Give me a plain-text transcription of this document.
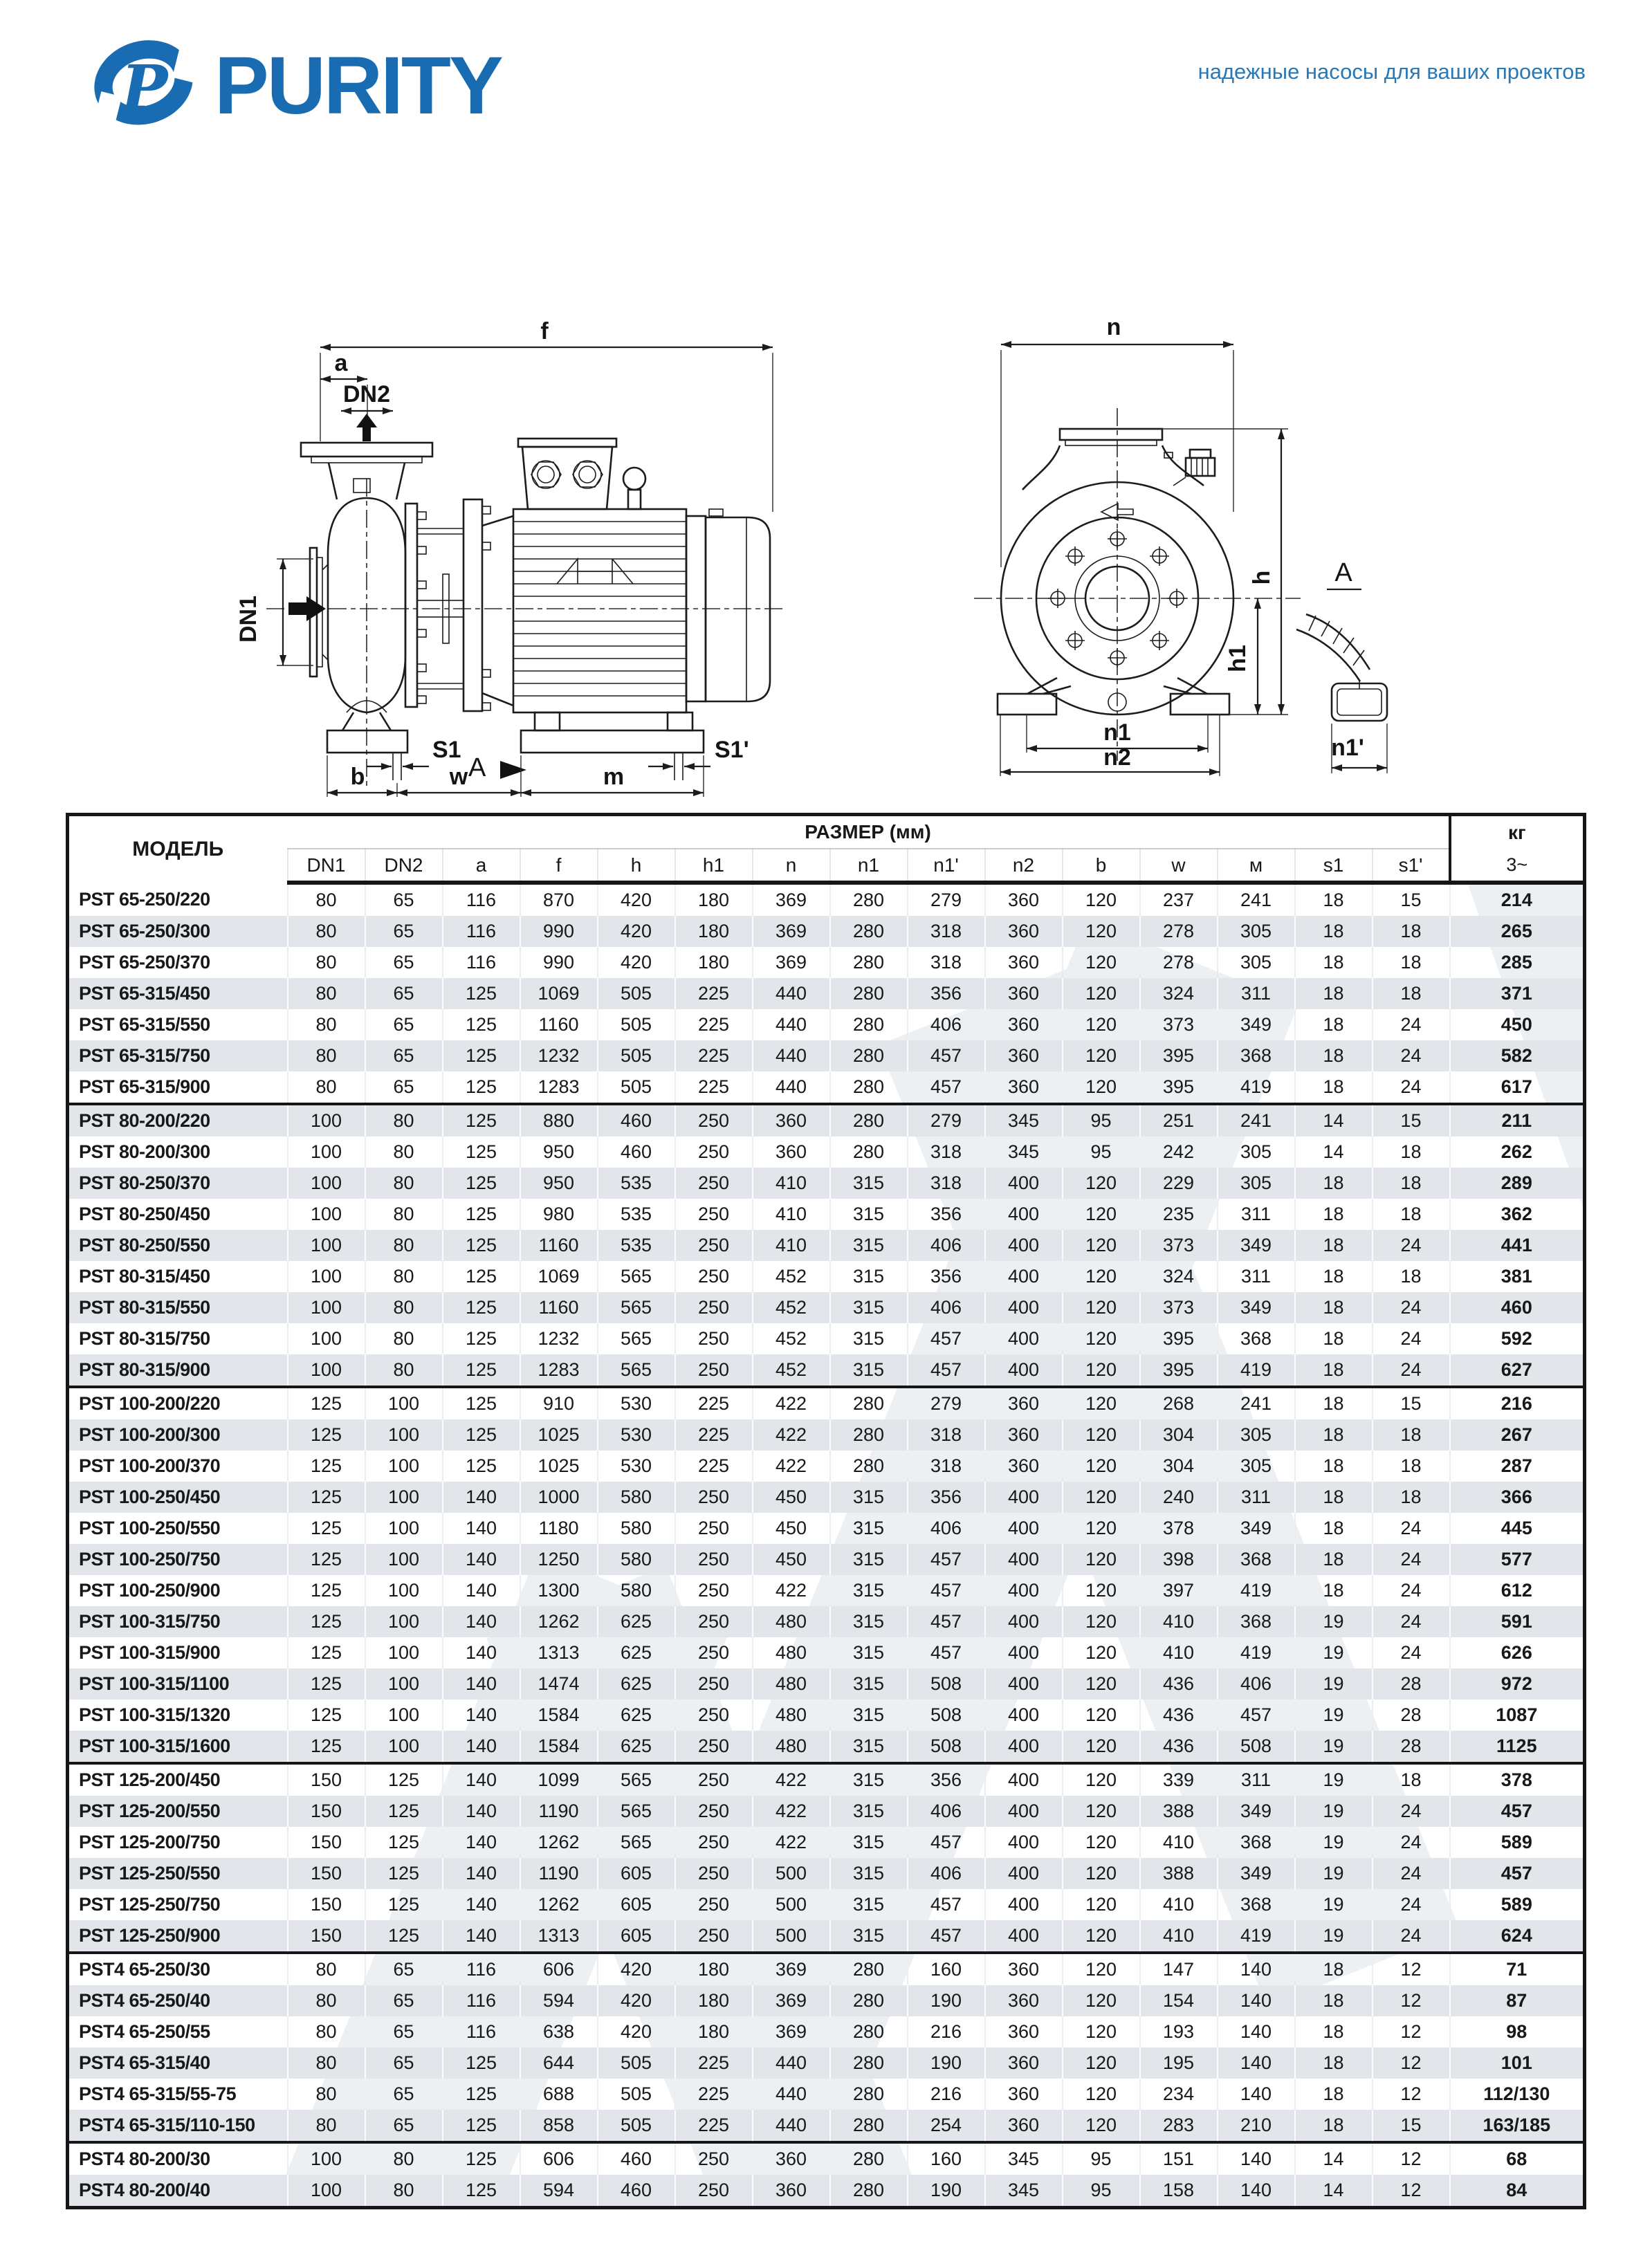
P PURITY	надежные насосы для ваших проектов
f
a
DN2
DN1
S1
A
S1'
b	w	m
n
h
h1
n1
n2
A
n1'
МОДЕЛЬ	РАЗМЕР (мм)															кг
	DN1	DN2	a	f	h	h1	n	n1	n1'	n2	b	w	м	s1	s1'	3~
PST 65-250/220	80	65	116	870	420	180	369	280	279	360	120	237	241	18	15	214
PST 65-250/300	80	65	116	990	420	180	369	280	318	360	120	278	305	18	18	265
PST 65-250/370	80	65	116	990	420	180	369	280	318	360	120	278	305	18	18	285
PST 65-315/450	80	65	125	1069	505	225	440	280	356	360	120	324	311	18	18	371
PST 65-315/550	80	65	125	1160	505	225	440	280	406	360	120	373	349	18	24	450
PST 65-315/750	80	65	125	1232	505	225	440	280	457	360	120	395	368	18	24	582
PST 65-315/900	80	65	125	1283	505	225	440	280	457	360	120	395	419	18	24	617
PST 80-200/220	100	80	125	880	460	250	360	280	279	345	95	251	241	14	15	211
PST 80-200/300	100	80	125	950	460	250	360	280	318	345	95	242	305	14	18	262
PST 80-250/370	100	80	125	950	535	250	410	315	318	400	120	229	305	18	18	289
PST 80-250/450	100	80	125	980	535	250	410	315	356	400	120	235	311	18	18	362
PST 80-250/550	100	80	125	1160	535	250	410	315	406	400	120	373	349	18	24	441
PST 80-315/450	100	80	125	1069	565	250	452	315	356	400	120	324	311	18	18	381
PST 80-315/550	100	80	125	1160	565	250	452	315	406	400	120	373	349	18	24	460
PST 80-315/750	100	80	125	1232	565	250	452	315	457	400	120	395	368	18	24	592
PST 80-315/900	100	80	125	1283	565	250	452	315	457	400	120	395	419	18	24	627
PST 100-200/220	125	100	125	910	530	225	422	280	279	360	120	268	241	18	15	216
PST 100-200/300	125	100	125	1025	530	225	422	280	318	360	120	304	305	18	18	267
PST 100-200/370	125	100	125	1025	530	225	422	280	318	360	120	304	305	18	18	287
PST 100-250/450	125	100	140	1000	580	250	450	315	356	400	120	240	311	18	18	366
PST 100-250/550	125	100	140	1180	580	250	450	315	406	400	120	378	349	18	24	445
PST 100-250/750	125	100	140	1250	580	250	450	315	457	400	120	398	368	18	24	577
PST 100-250/900	125	100	140	1300	580	250	422	315	457	400	120	397	419	18	24	612
PST 100-315/750	125	100	140	1262	625	250	480	315	457	400	120	410	368	19	24	591
PST 100-315/900	125	100	140	1313	625	250	480	315	457	400	120	410	419	19	24	626
PST 100-315/1100	125	100	140	1474	625	250	480	315	508	400	120	436	406	19	28	972
PST 100-315/1320	125	100	140	1584	625	250	480	315	508	400	120	436	457	19	28	1087
PST 100-315/1600	125	100	140	1584	625	250	480	315	508	400	120	436	508	19	28	1125
PST 125-200/450	150	125	140	1099	565	250	422	315	356	400	120	339	311	19	18	378
PST 125-200/550	150	125	140	1190	565	250	422	315	406	400	120	388	349	19	24	457
PST 125-200/750	150	125	140	1262	565	250	422	315	457	400	120	410	368	19	24	589
PST 125-250/550	150	125	140	1190	605	250	500	315	406	400	120	388	349	19	24	457
PST 125-250/750	150	125	140	1262	605	250	500	315	457	400	120	410	368	19	24	589
PST 125-250/900	150	125	140	1313	605	250	500	315	457	400	120	410	419	19	24	624
PST4 65-250/30	80	65	116	606	420	180	369	280	160	360	120	147	140	18	12	71
PST4 65-250/40	80	65	116	594	420	180	369	280	190	360	120	154	140	18	12	87
PST4 65-250/55	80	65	116	638	420	180	369	280	216	360	120	193	140	18	12	98
PST4 65-315/40	80	65	125	644	505	225	440	280	190	360	120	195	140	18	12	101
PST4 65-315/55-75	80	65	125	688	505	225	440	280	216	360	120	234	140	18	12	112/130
PST4 65-315/110-150	80	65	125	858	505	225	440	280	254	360	120	283	210	18	15	163/185
PST4 80-200/30	100	80	125	606	460	250	360	280	160	345	95	151	140	14	12	68
PST4 80-200/40	100	80	125	594	460	250	360	280	190	345	95	158	140	14	12	84
